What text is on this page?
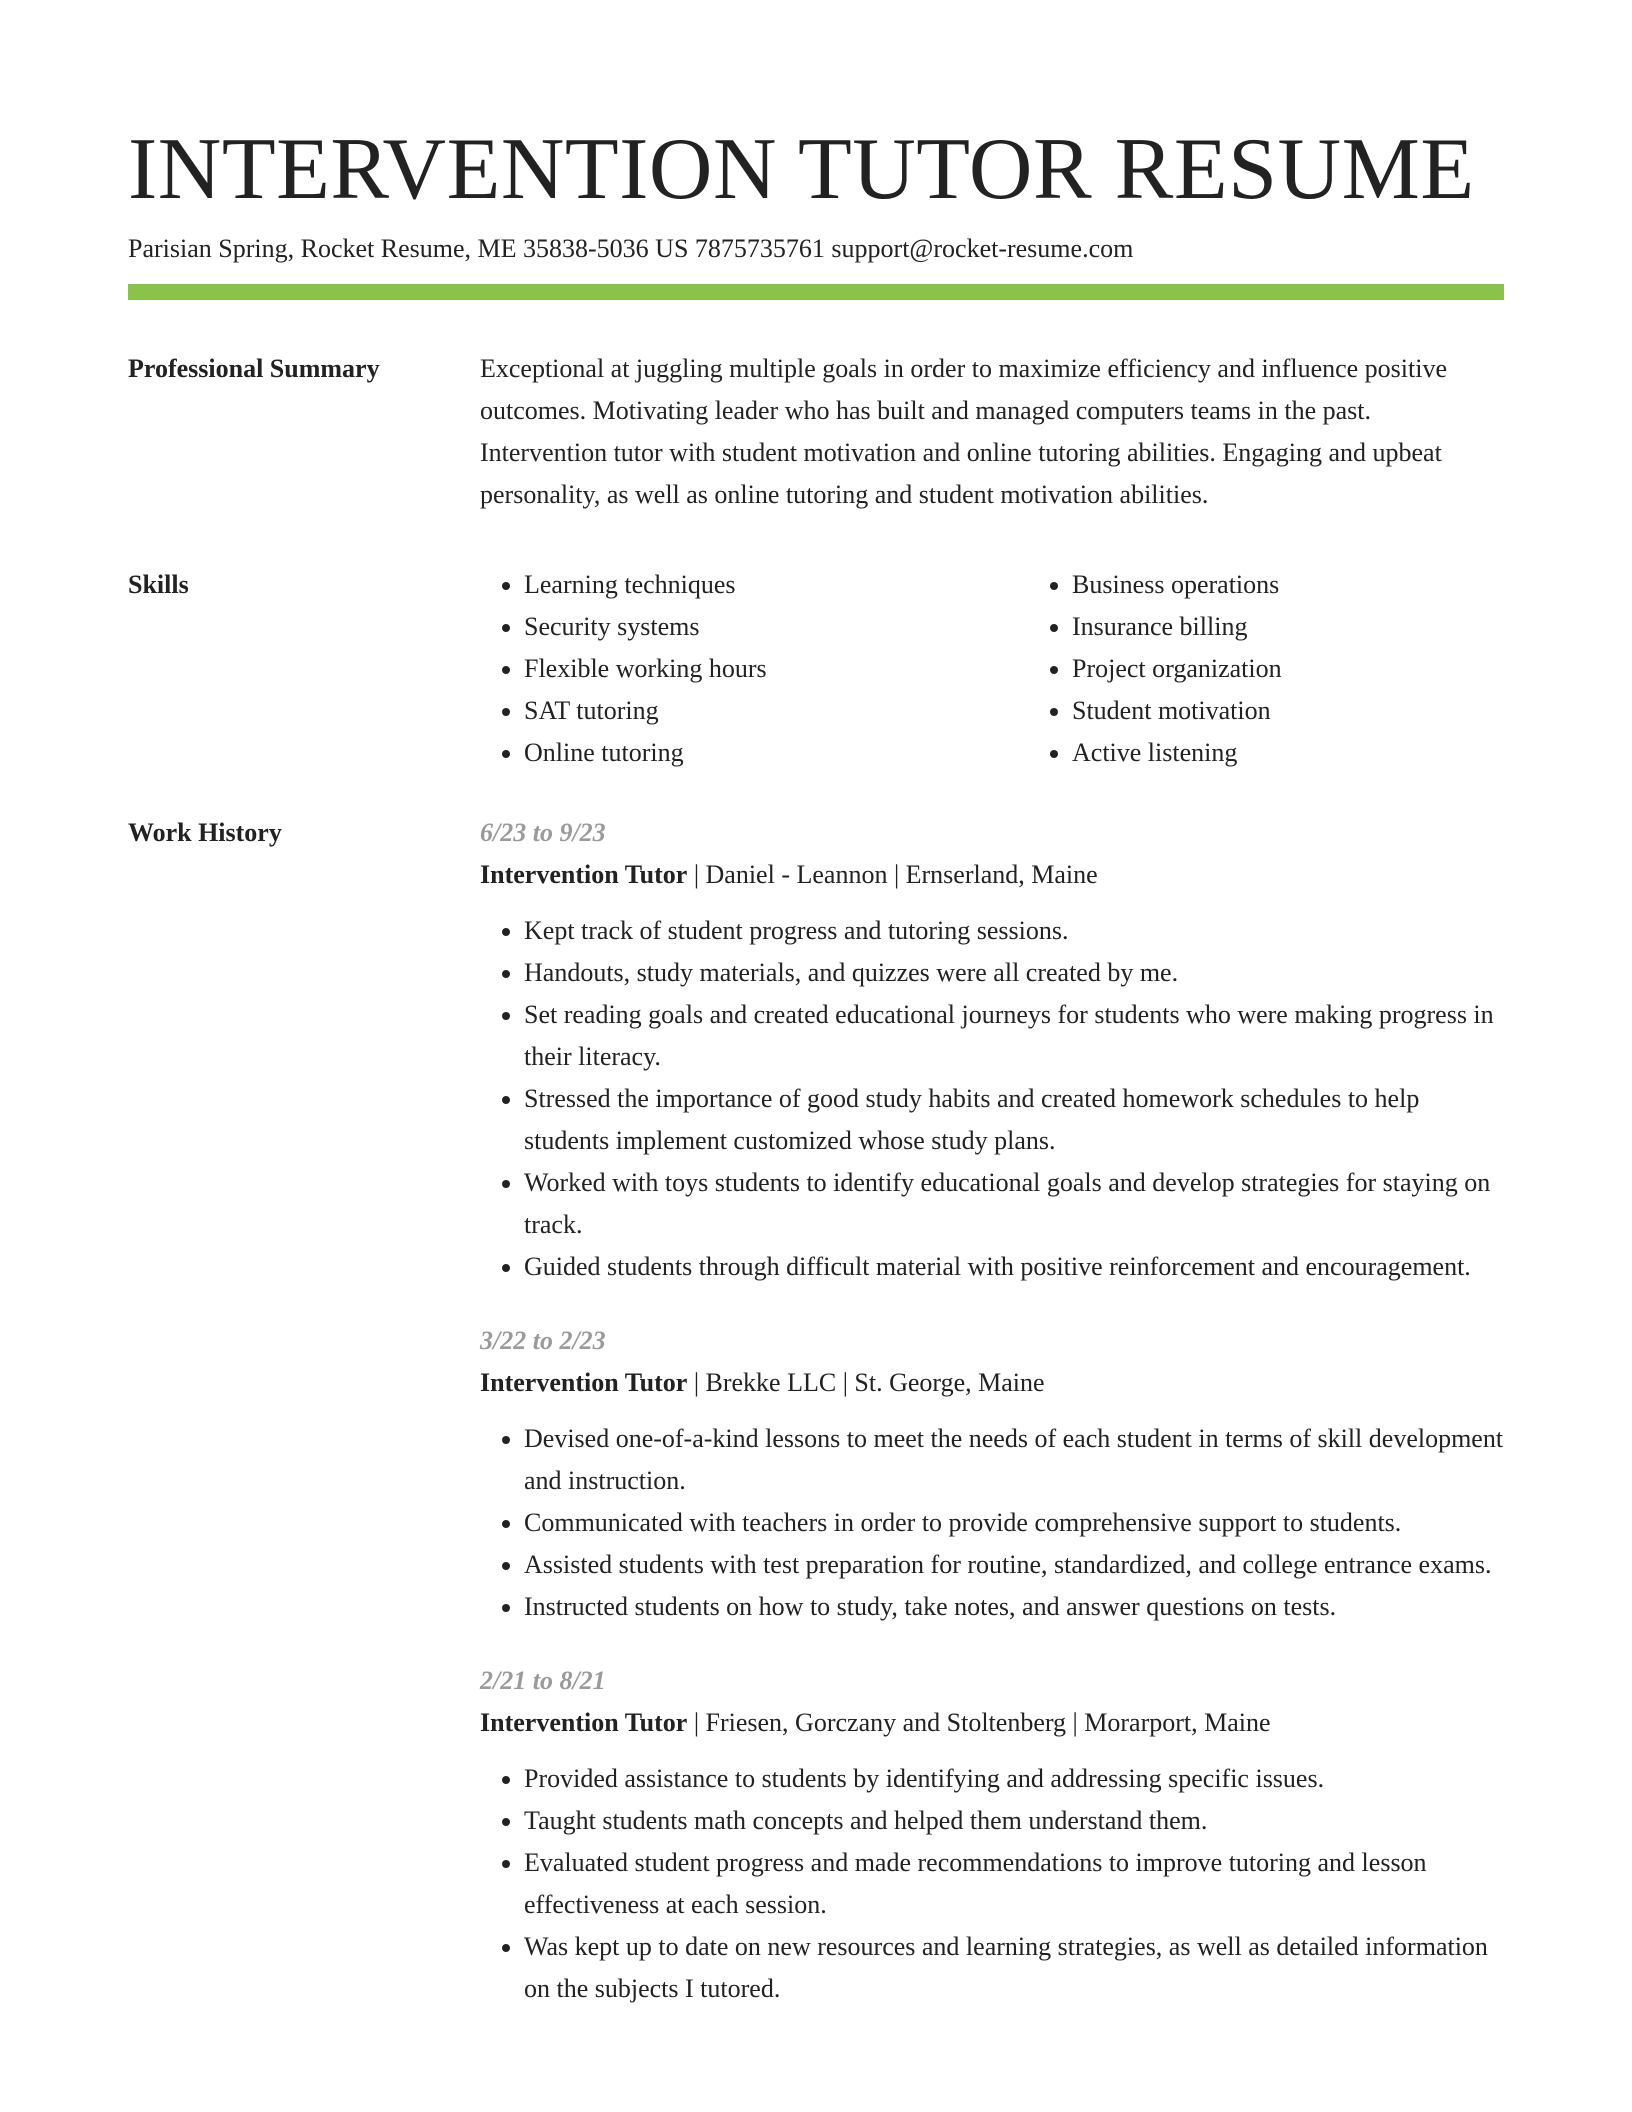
INTERVENTION TUTOR RESUME
Parisian Spring, Rocket Resume, ME 35838-5036 US 7875735761 support@rocket-resume.com
Professional Summary	Exceptional at juggling multiple goals in order to maximize efficiency and influence positive outcomes. Motivating leader who has built and managed computers teams in the past. Intervention tutor with student motivation and online tutoring abilities. Engaging and upbeat personality, as well as online tutoring and student motivation abilities.

Skills
•	Learning techniques
• Security systems
• Flexible working hours
• SAT tutoring
• Online tutoring
• Business operations
• Insurance billing
• Project organization
• Student motivation
• Active listening
Work History	6/23 to 9/23
Intervention Tutor | Daniel - Leannon | Ernserland, Maine
• Kept track of student progress and tutoring sessions.
• Handouts, study materials, and quizzes were all created by me.
• Set reading goals and created educational journeys for students who were making progress in their literacy.
• Stressed the importance of good study habits and created homework schedules to help students implement customized whose study plans.
• Worked with toys students to identify educational goals and develop strategies for staying on track.
• Guided students through difficult material with positive reinforcement and encouragement.
3/22 to 2/23
Intervention Tutor | Brekke LLC | St. George, Maine
• Devised one-of-a-kind lessons to meet the needs of each student in terms of skill development and instruction.
• Communicated with teachers in order to provide comprehensive support to students.
• Assisted students with test preparation for routine, standardized, and college entrance exams.
• Instructed students on how to study, take notes, and answer questions on tests.
2/21 to 8/21
Intervention Tutor | Friesen, Gorczany and Stoltenberg | Morarport, Maine
• Provided assistance to students by identifying and addressing specific issues.
• Taught students math concepts and helped them understand them.
• Evaluated student progress and made recommendations to improve tutoring and lesson effectiveness at each session.
• Was kept up to date on new resources and learning strategies, as well as detailed information on the subjects I tutored.
